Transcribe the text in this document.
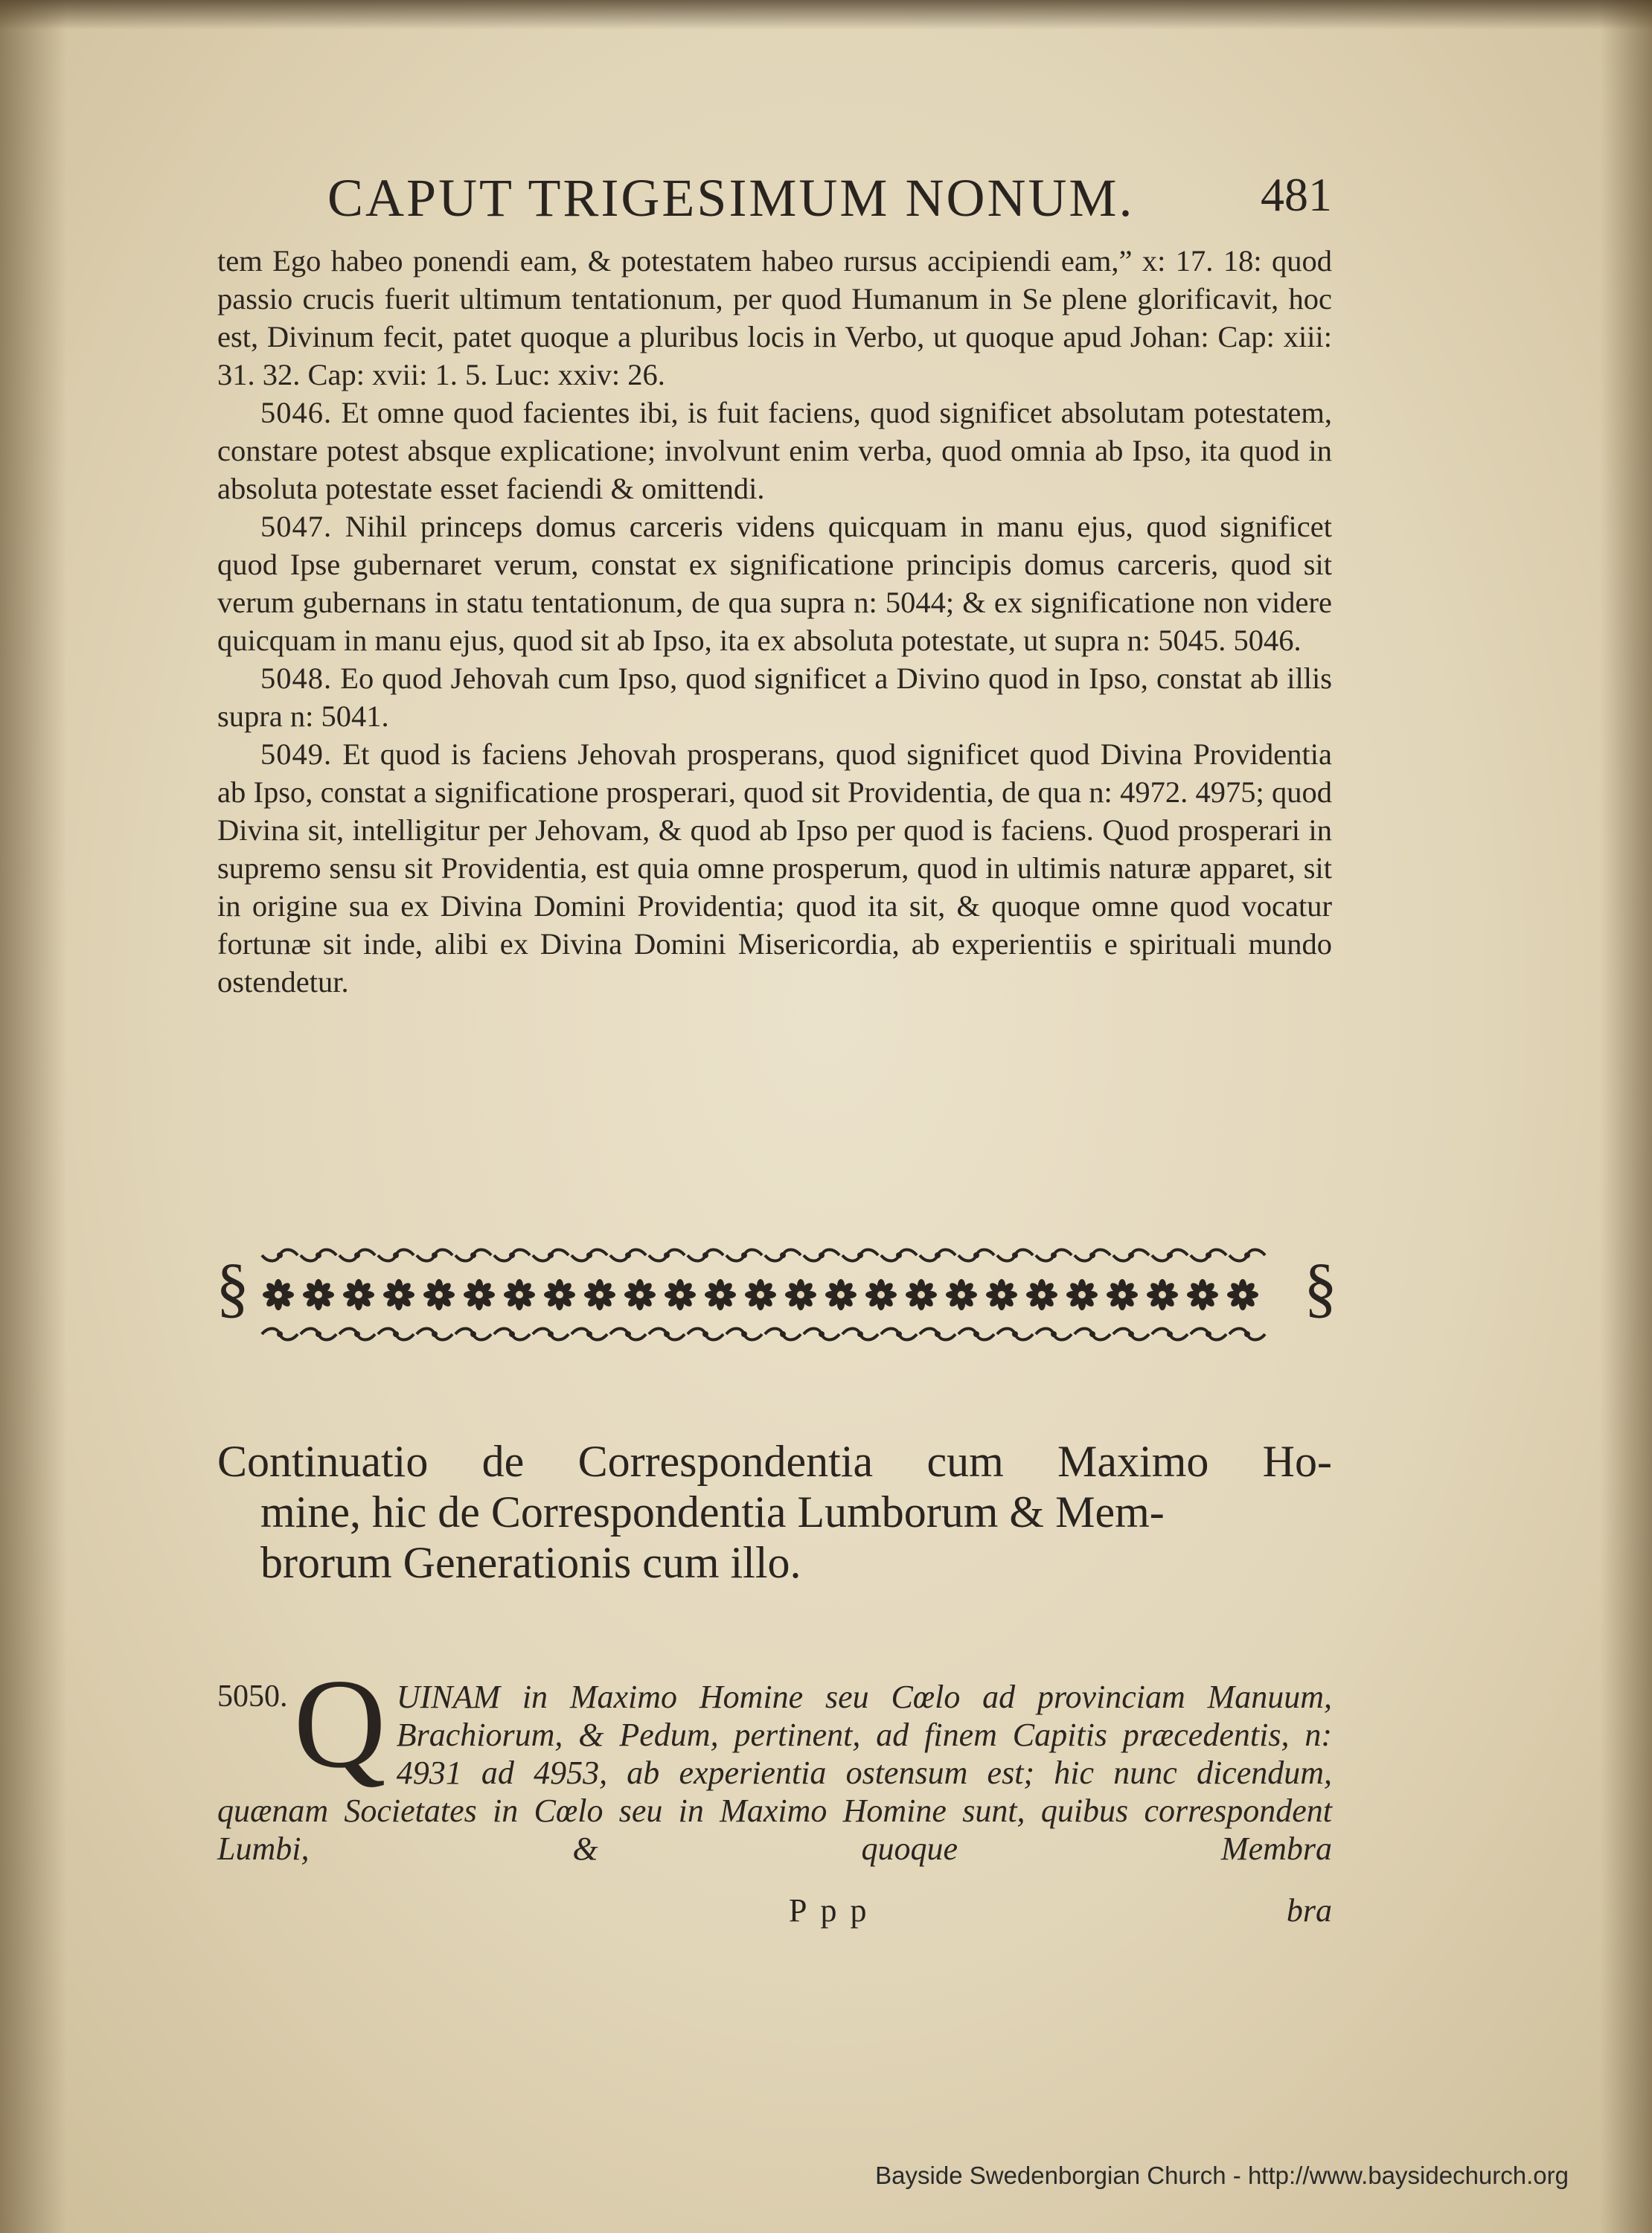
CAPUT TRIGESIMUM NONUM.	481

tem Ego habeo ponendi eam, & potestatem habeo rursus accipiendi eam,” x: 17. 18: quod passio crucis fuerit ultimum tentationum, per quod Humanum in Se plene glorificavit, hoc est, Divinum fecit, patet quoque a pluribus locis in Verbo, ut quoque apud Johan: Cap: xiii: 31. 32. Cap: xvii: 1. 5. Luc: xxiv: 26.

5046. Et omne quod facientes ibi, is fuit faciens, quod significet absolutam potestatem, constare potest absque explicatione; involvunt enim verba, quod omnia ab Ipso, ita quod in absoluta potestate esset faciendi & omittendi.

5047. Nihil princeps domus carceris videns quicquam in manu ejus, quod significet quod Ipse gubernaret verum, constat ex significatione principis domus carceris, quod sit verum gubernans in statu tentationum, de qua supra n: 5044; & ex significatione non videre quicquam in manu ejus, quod sit ab Ipso, ita ex absoluta potestate, ut supra n: 5045. 5046.

5048. Eo quod Jehovah cum Ipso, quod significet a Divino quod in Ipso, constat ab illis supra n: 5041.

5049. Et quod is faciens Jehovah prosperans, quod significet quod Divina Providentia ab Ipso, constat a significatione prosperari, quod sit Providentia, de qua n: 4972. 4975; quod Divina sit, intelligitur per Jehovam, & quod ab Ipso per quod is faciens. Quod prosperari in supremo sensu sit Providentia, est quia omne prosperum, quod in ultimis naturæ apparet, sit in origine sua ex Divina Domini Providentia; quod ita sit, & quoque omne quod vocatur fortunæ sit inde, alibi ex Divina Domini Misericordia, ab experientiis e spirituali mundo ostendetur.

§	§
Continuatio de Correspondentia cum Maximo Ho-
mine, hic de Correspondentia Lumborum & Mem-
brorum Generationis cum illo.
5050. Q UINAM in Maximo Homine seu Cœlo ad provinciam Manuum, Brachiorum, & Pedum, pertinent, ad finem Capitis præcedentis, n: 4931 ad 4953, ab experientia ostensum est; hic nunc dicendum, quænam Societates in Cœlo seu in Maximo Homine sunt, quibus correspondent Lumbi, & quoque Membra
Ppp	bra
Bayside Swedenborgian Church - http://www.baysidechurch.org
